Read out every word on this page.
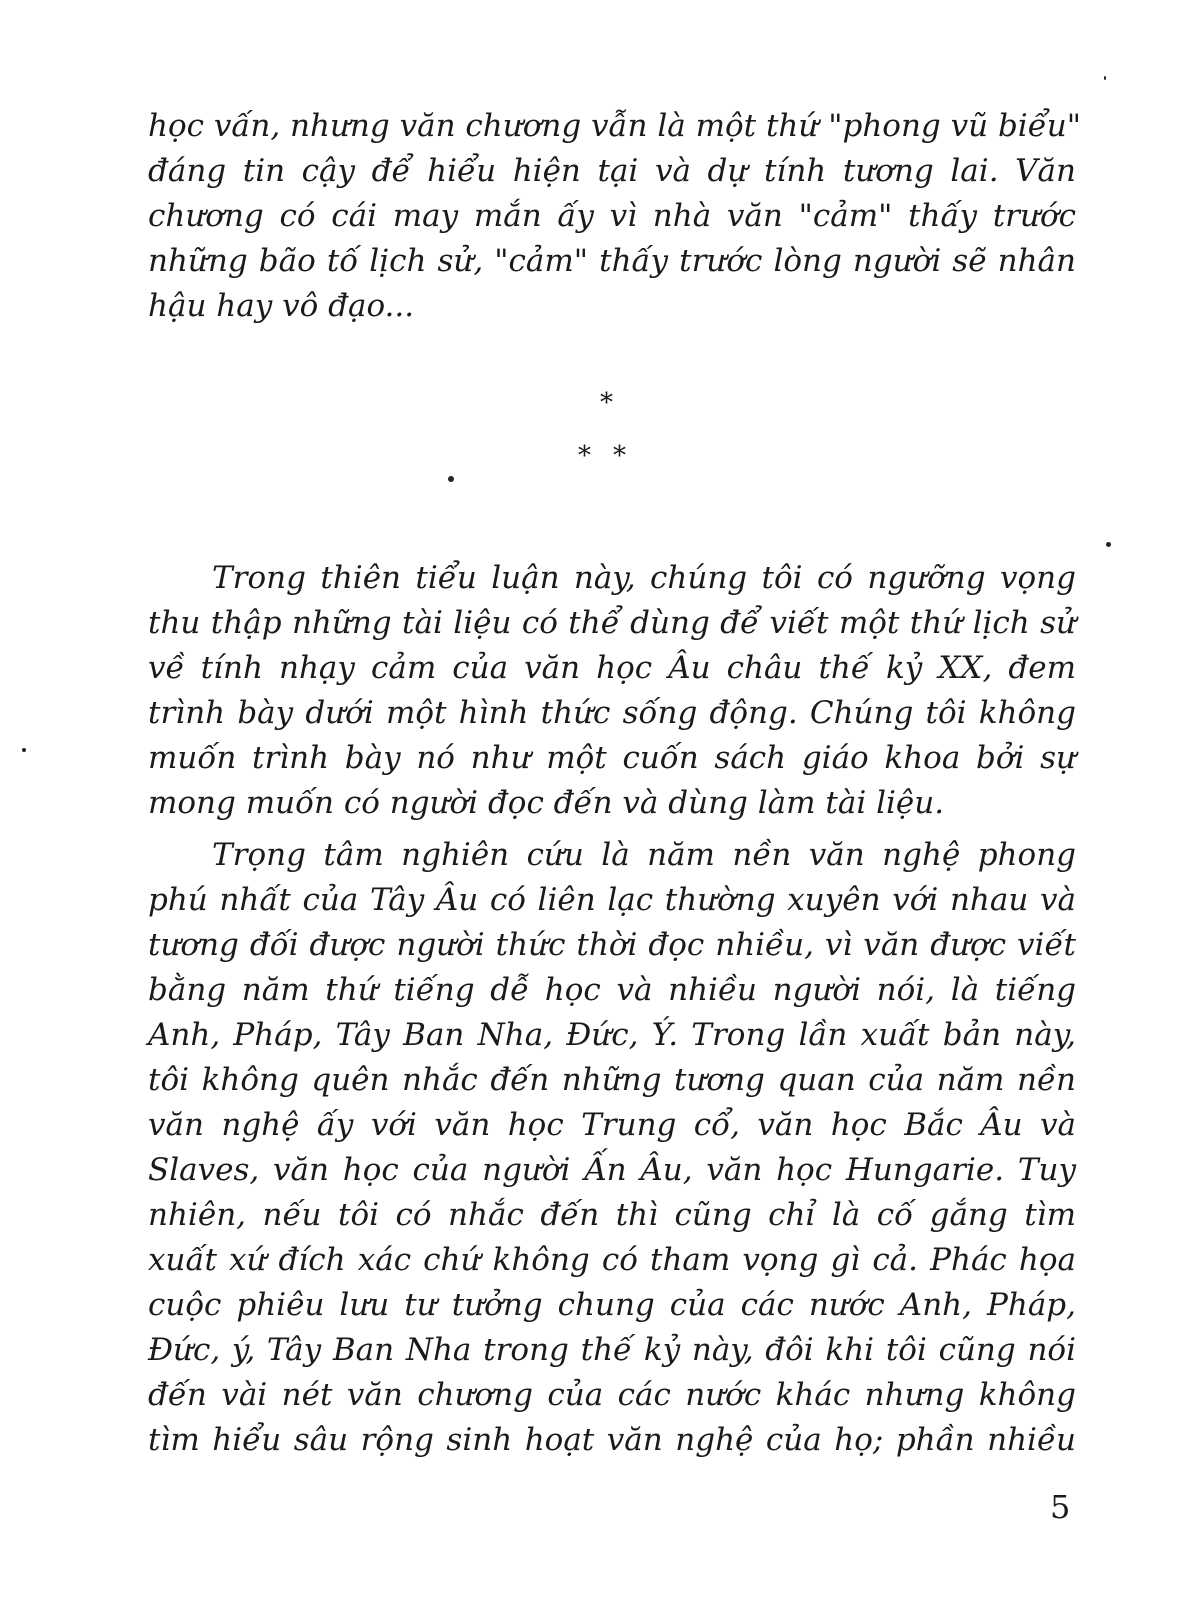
học vấn, nhưng văn chương vẫn là một thứ "phong vũ biểu"
đáng tin cậy để hiểu hiện tại và dự tính tương lai. Văn
chương có cái may mắn ấy vì nhà văn "cảm" thấy trước
những bão tố lịch sử, "cảm" thấy trước lòng người sẽ nhân
hậu hay vô đạo...
*
**
Trong thiên tiểu luận này, chúng tôi có ngưỡng vọng
thu thập những tài liệu có thể dùng để viết một thứ lịch sử
về tính nhạy cảm của văn học Âu châu thế kỷ XX, đem
trình bày dưới một hình thức sống động. Chúng tôi không
muốn trình bày nó như một cuốn sách giáo khoa bởi sự
mong muốn có người đọc đến và dùng làm tài liệu.
Trọng tâm nghiên cứu là năm nền văn nghệ phong
phú nhất của Tây Âu có liên lạc thường xuyên với nhau và
tương đối được người thức thời đọc nhiều, vì văn được viết
bằng năm thứ tiếng dễ học và nhiều người nói, là tiếng
Anh, Pháp, Tây Ban Nha, Đức, Ý. Trong lần xuất bản này,
tôi không quên nhắc đến những tương quan của năm nền
văn nghệ ấy với văn học Trung cổ, văn học Bắc Âu và
Slaves, văn học của người Ấn Âu, văn học Hungarie. Tuy
nhiên, nếu tôi có nhắc đến thì cũng chỉ là cố gắng tìm
xuất xứ đích xác chứ không có tham vọng gì cả. Phác họa
cuộc phiêu lưu tư tưởng chung của các nước Anh, Pháp,
Đức, ý, Tây Ban Nha trong thế kỷ này, đôi khi tôi cũng nói
đến vài nét văn chương của các nước khác nhưng không
tìm hiểu sâu rộng sinh hoạt văn nghệ của họ; phần nhiều
5
